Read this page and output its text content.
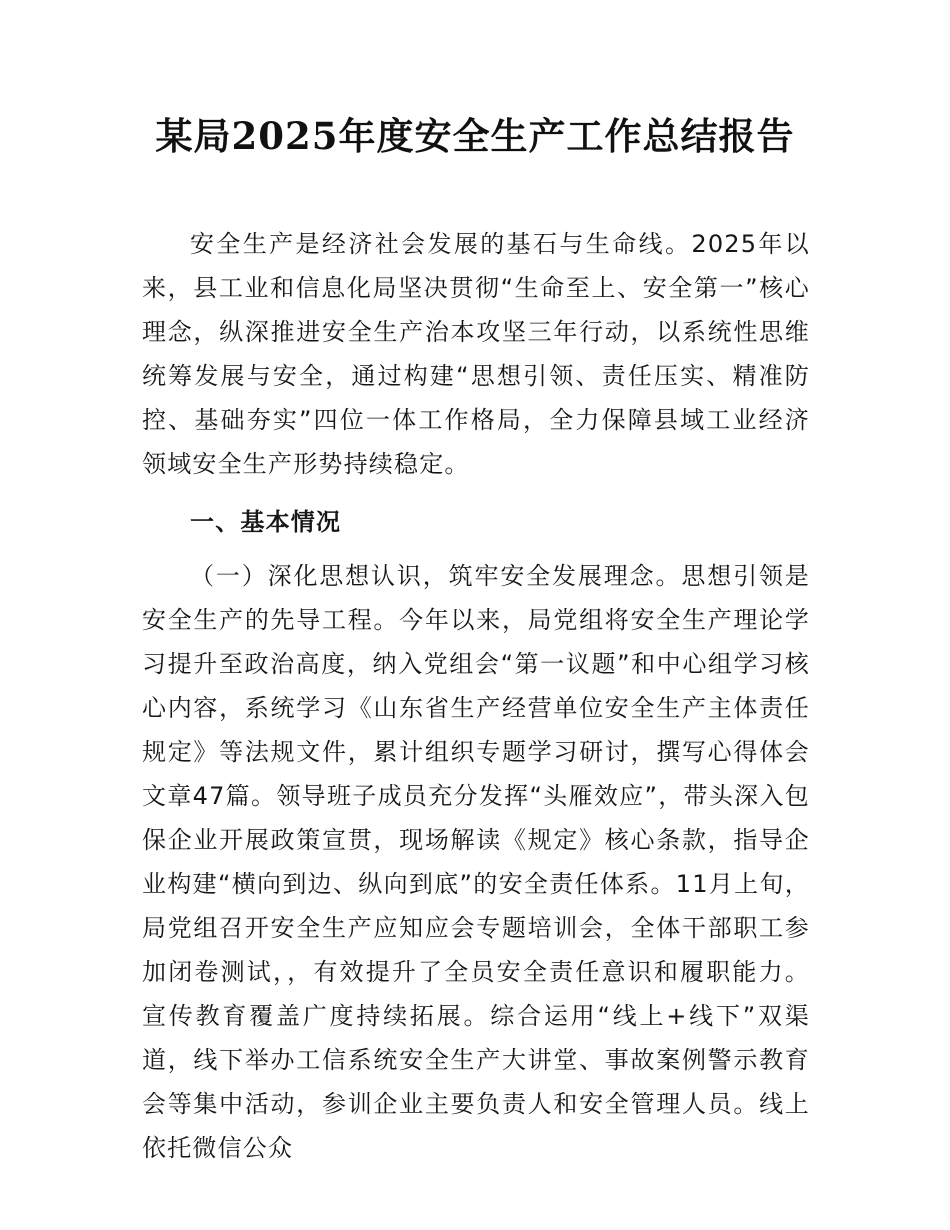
某局2025年度安全生产工作总结报告

安全生产是经济社会发展的基石与生命线。2025年以来，县工业和信息化局坚决贯彻“生命至上、安全第一”核心理念，纵深推进安全生产治本攻坚三年行动，以系统性思维统筹发展与安全，通过构建“思想引领、责任压实、精准防控、基础夯实”四位一体工作格局，全力保障县域工业经济领域安全生产形势持续稳定。

一、基本情况

（一）深化思想认识，筑牢安全发展理念。思想引领是安全生产的先导工程。今年以来，局党组将安全生产理论学习提升至政治高度，纳入党组会“第一议题”和中心组学习核心内容，系统学习《山东省生产经营单位安全生产主体责任规定》等法规文件，累计组织专题学习研讨，撰写心得体会文章47篇。领导班子成员充分发挥“头雁效应”，带头深入包保企业开展政策宣贯，现场解读《规定》核心条款，指导企业构建“横向到边、纵向到底”的安全责任体系。11月上旬，局党组召开安全生产应知应会专题培训会，全体干部职工参加闭卷测试，，有效提升了全员安全责任意识和履职能力。宣传教育覆盖广度持续拓展。综合运用“线上+线下”双渠道，线下举办工信系统安全生产大讲堂、事故案例警示教育会等集中活动，参训企业主要负责人和安全管理人员。线上依托微信公众
